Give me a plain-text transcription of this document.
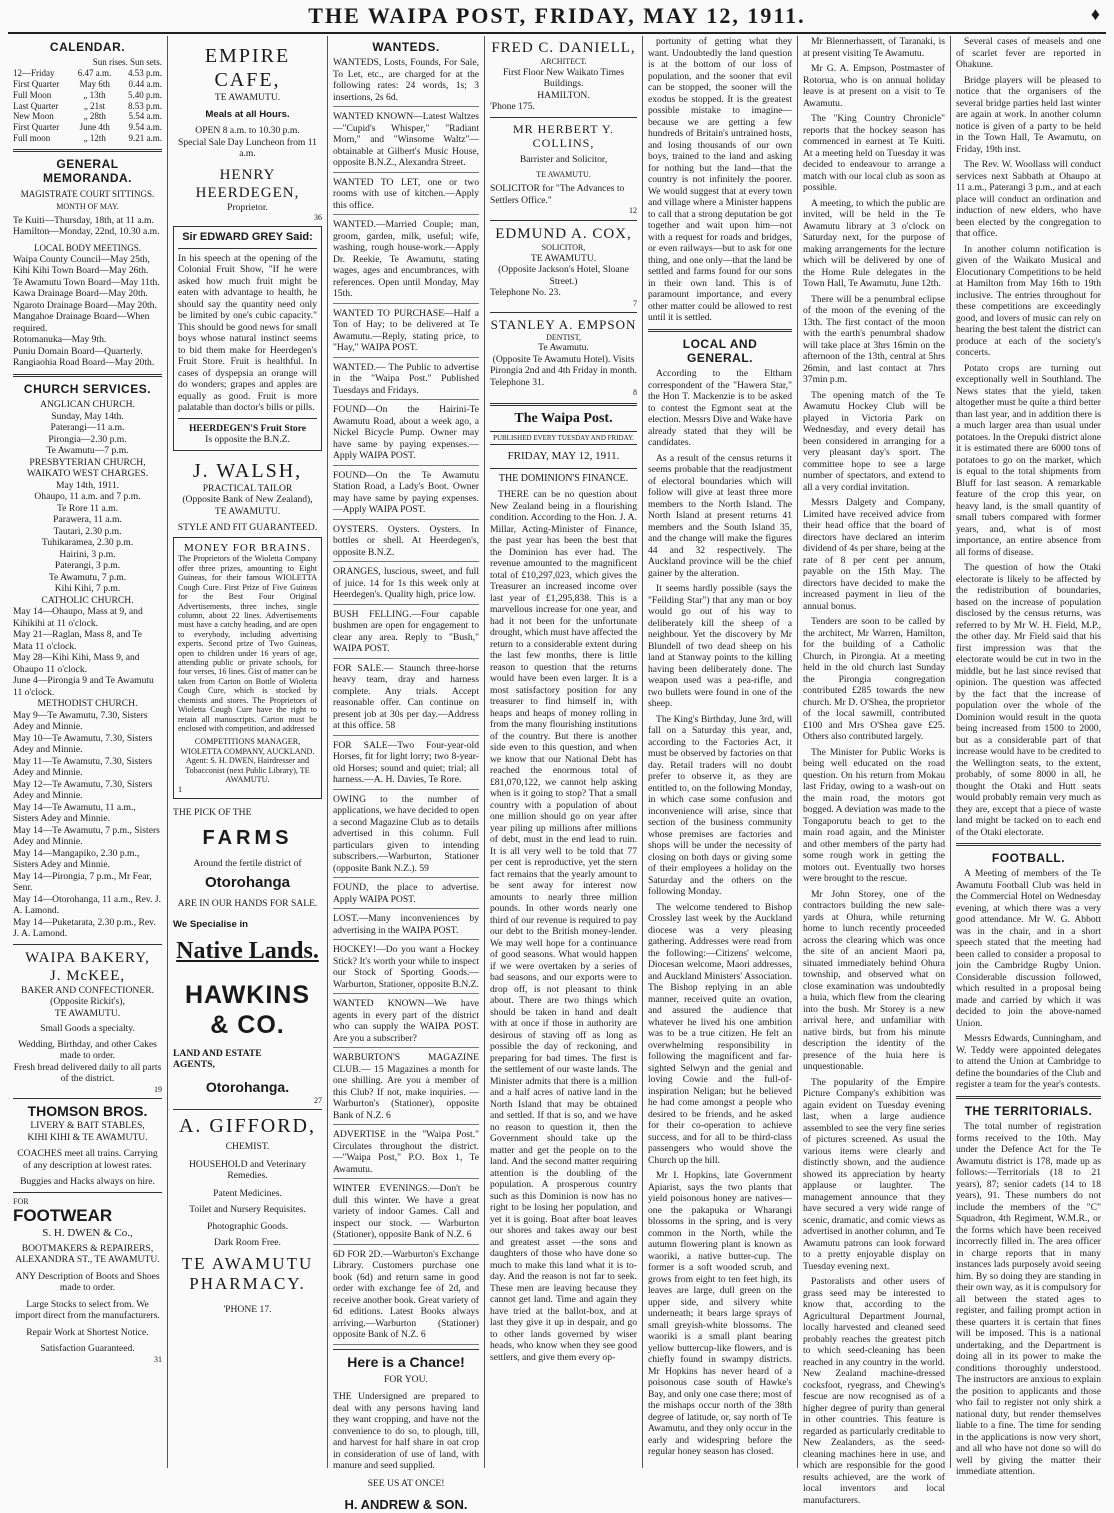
THE WAIPA POST, FRIDAY, MAY 12, 1911.	♦
CALENDAR.
Sun rises. Sun sets.
12—Friday	6.47 a.m. 4.53 p.m.
First Quarter May 6th 0.44 a.m.
Full Moon	„ 13th 5.40 p.m.
Last Quarter	„ 21st	8.53 p.m.
New Moon	„ 28th	5.54 a.m.
First Quarter June 4th 9.54 a.m.
Full moon	„ 12th	9.21 a.m.
GENERAL MEMORANDA.
MAGISTRATE COURT SITTINGS.
MONTH OF MAY.
Te Kuiti—Thursday, 18th, at 11 a.m.
Hamilton—Monday, 22nd, 10.30 a.m.
LOCAL BODY MEETINGS.
Waipa County Council—May 25th,
Kihi Kihi Town Board—May 26th.
Te Awamutu Town Board—May 11th.
Kawa Drainage Board—May 20th.
Ngaroto Drainage Board—May 20th.
Mangahoe Drainage Board—When required.
Rotomanuka—May 9th.
Puniu Domain Board—Quarterly.
Rangiaohia Road Board—May 20th.
CHURCH SERVICES.
ANGLICAN CHURCH.
Sunday, May 14th.
Paterangi—11 a.m.
Pirongia—2.30 p.m.
Te Awamutu—7 p.m.
PRESBYTERIAN CHURCH,
WAIKATO WEST CHARGES.
May 14th, 1911.
Ohaupo, 11 a.m. and 7 p.m.
Te Rore 11 a.m.
Parawera, 11 a.m.
Tautari, 2.30 p.m.
Tuhikaramea, 2.30 p.m.
Hairini, 3 p.m.
Paterangi, 3 p.m.
Te Awamutu, 7 p.m.
Kihi Kihi, 7 p.m.
CATHOLIC CHURCH.
May 14—Ohaupo, Mass at 9, and Kihikihi at 11 o'clock.
May 21—Raglan, Mass 8, and Te Mata 11 o'clock.
May 28—Kihi Kihi, Mass 9, and Ohaupo 11 o'clock.
June 4—Pirongia 9 and Te Awamutu 11 o'clock.
METHODIST CHURCH.
May 9—Te Awamutu, 7.30, Sisters Adey and Minnie.
May 10—Te Awamutu, 7.30, Sisters Adey and Minnie.
May 11—Te Awamutu, 7.30, Sisters Adey and Minnie.
May 12—Te Awamutu, 7.30, Sisters Adey and Minnie.
May 14—Te Awamutu, 11 a.m., Sisters Adey and Minnie.
May 14—Te Awamutu, 7 p.m., Sisters Adey and Minnie.
May 14—Mangapiko, 2.30 p.m., Sisters Adey and Minnie.
May 14—Pirongia, 7 p.m., Mr Fear, Senr.
May 14—Otorohanga, 11 a.m., Rev. J. A. Lamond.
May 14—Puketarata, 2.30 p.m., Rev. J. A. Lamond.
WAIPA BAKERY,
J. McKEE,
BAKER AND CONFECTIONER.
(Opposite Rickit's),
TE AWAMUTU.
Small Goods a specialty.
Wedding, Birthday, and other Cakes made to order.
Fresh bread delivered daily to all parts of the district.
19
THOMSON BROS.
LIVERY & BAIT STABLES,
KIHI KIHI & TE AWAMUTU.
COACHES meet all trains. Carrying of any description at lowest rates.
Buggies and Hacks always on hire.
FOR
FOOTWEAR
S. H. DWEN & Co.,
BOOTMAKERS & REPAIRERS,
ALEXANDRA ST., TE AWAMUTU.
ANY Description of Boots and Shoes made to order.
Large Stocks to select from. We import direct from the manufacturers.
Repair Work at Shortest Notice.
Satisfaction Guaranteed.
31
EMPIRE CAFE,
TE AWAMUTU.
Meals at all Hours.
OPEN 8 a.m. to 10.30 p.m.
Special Sale Day Luncheon from 11 a.m.
HENRY HEERDEGEN,
Proprietor.
36
Sir EDWARD GREY Said:

In his speech at the opening of the Colonial Fruit Show, "If he were asked how much fruit might be eaten with advantage to health, he should say the quantity need only be limited by one's cubic capacity." This should be good news for small boys whose natural instinct seems to bid them make for Heerdegen's Fruit Store. Fruit is healthful. In cases of dyspepsia an orange will do wonders; grapes and apples are equally as good. Fruit is more palatable than doctor's bills or pills.

HEERDEGEN'S Fruit Store
Is opposite the B.N.Z.
J. WALSH,
PRACTICAL TAILOR
(Opposite Bank of New Zealand),
TE AWAMUTU.
STYLE AND FIT GUARANTEED.
MONEY FOR BRAINS.

The Proprietors of the Wioletta Company offer three prizes, amounting to Eight Guineas, for their famous WIOLETTA Cough Cure. First Prize of Five Guineas for the Best Four Original Advertisements, three inches, single column, about 22 lines. Advertisements must have a catchy heading, and are open to everybody, including advertising experts. Second prize of Two Guineas, open to children under 16 years of age, attending public or private schools, for four verses, 16 lines. Gist of matter can be taken from Carton on Bottle of Wioletta Cough Cure, which is stocked by chemists and stores. The Proprietors of Wioletta Cough Cure have the right to retain all manuscripts. Carton must be enclosed with competition, and addressed

COMPETITIONS MANAGER,
WIOLETTA COMPANY, AUCKLAND.
Agent: S. H. DWEN, Hairdresser and Tobacconist (next Public Library), TE AWAMUTU.
1
THE PICK OF THE
FARMS
Around the fertile district of
Otorohanga
ARE IN OUR HANDS FOR SALE.
We Specialise in
Native Lands.
HAWKINS & CO.
LAND AND ESTATE AGENTS,
Otorohanga.
27
A. GIFFORD,
CHEMIST.
HOUSEHOLD and Veterinary Remedies.
Patent Medicines.
Toilet and Nursery Requisites.
Photographic Goods.
Dark Room Free.
TE AWAMUTU PHARMACY.
'PHONE 17.
WANTEDS.

WANTEDS, Losts, Founds, For Sale, To Let, etc., are charged for at the following rates: 24 words, 1s; 3 insertions, 2s 6d.

WANTED KNOWN—Latest Waltzes—"Cupid's Whisper," "Radiant Morn," and "Winsome Waltz"—obtainable at Gilbert's Music House, opposite B.N.Z., Alexandra Street.

WANTED TO LET, one or two rooms with use of kitchen.—Apply this office.

WANTED.—Married Couple; man, groom, garden, milk, useful; wife, washing, rough house-work.—Apply Dr. Reekie, Te Awamutu, stating wages, ages and encumbrances, with references. Open until Monday, May 15th.

WANTED TO PURCHASE—Half a Ton of Hay; to be delivered at Te Awamutu.—Reply, stating price, to "Hay," WAIPA POST.

WANTED.— The Public to advertise in the "Waipa Post." Published Tuesdays and Fridays.

FOUND—On the Hairini-Te Awamutu Road, about a week ago, a Nickel Bicycle Pump. Owner may have same by paying expenses.—Apply WAIPA POST.

FOUND—On the Te Awamutu Station Road, a Lady's Boot. Owner may have same by paying expenses.—Apply WAIPA POST.

OYSTERS. Oysters. Oysters. In bottles or shell. At Heerdegen's, opposite B.N.Z.

ORANGES, luscious, sweet, and full of juice. 14 for 1s this week only at Heerdegen's. Quality high, price low.

BUSH FELLING.—Four capable bushmen are open for engagement to clear any area. Reply to "Bush," WAIPA POST.

FOR SALE.— Staunch three-horse heavy team, dray and harness complete. Any trials. Accept reasonable offer. Can continue on present job at 30s per day.—Address at this office. 58

FOR SALE—Two Four-year-old Horses, fit for light lorry; two 8-year-old Horses; sound and quiet; trial; all harness.—A. H. Davies, Te Rore.

OWING to the number of applications, we have decided to open a second Magazine Club as to details advertised in this column. Full particulars given to intending subscribers.—Warburton, Stationer (opposite Bank N.Z.). 59

FOUND, the place to advertise. Apply WAIPA POST.

LOST.—Many inconveniences by advertising in the WAIPA POST.

HOCKEY!—Do you want a Hockey Stick? It's worth your while to inspect our Stock of Sporting Goods.—Warburton, Stationer, opposite B.N.Z.

WANTED KNOWN—We have agents in every part of the district who can supply the WAIPA POST. Are you a subscriber?

WARBURTON'S MAGAZINE CLUB.— 15 Magazines a month for one shilling. Are you a member of this Club? If not, make inquiries. — Warburton's (Stationer), opposite Bank of N.Z. 6

ADVERTISE in the "Waipa Post." Circulates throughout the district.—"Waipa Post," P.O. Box 1, Te Awamutu.

WINTER EVENINGS.—Don't be dull this winter. We have a great variety of indoor Games. Call and inspect our stock. — Warburton (Stationer), opposite Bank of N.Z. 6

6D FOR 2D.—Warburton's Exchange Library. Customers purchase one book (6d) and return same in good order with exchange fee of 2d, and receive another book. Great variety of 6d editions. Latest Books always arriving.—Warburton (Stationer) opposite Bank of N.Z. 6

Here is a Chance!
FOR YOU.

THE Undersigned are prepared to deal with any persons having land they want cropping, and have not the convenience to do so, to plough, till, and harvest for half share in oat crop in consideration of use of land, with manure and seed supplied.

SEE US AT ONCE!
H. ANDREW & SON.
FRED C. DANIELL,
ARCHITECT.
First Floor New Waikato Times Buildings.
HAMILTON.
'Phone 175.
MR HERBERT Y. COLLINS,
Barrister and Solicitor,
TE AWAMUTU.
SOLICITOR for "The Advances to Settlers Office."
12
EDMUND A. COX,
SOLICITOR,
TE AWAMUTU.
(Opposite Jackson's Hotel, Sloane Street.)
Telephone No. 23.
7
STANLEY A. EMPSON
DENTIST,
Te Awamutu.
(Opposite Te Awamutu Hotel). Visits Pirongia 2nd and 4th Friday in month.
Telephone 31.
8
The Waipa Post.
PUBLISHED EVERY TUESDAY AND FRIDAY.
FRIDAY, MAY 12, 1911.
THE DOMINION'S FINANCE.

THERE can be no question about New Zealand being in a flourishing condition. According to the Hon. J. A. Millar, Acting-Minister of Finance, the past year has been the best that the Dominion has ever had. The revenue amounted to the magnificent total of £10,297,023, which gives the Treasurer an increased income over last year of £1,295,838. This is a marvellous increase for one year, and had it not been for the unfortunate drought, which must have affected the return to a considerable extent during the last few months, there is little reason to question that the returns would have been even larger. It is a most satisfactory position for any treasurer to find himself in, with heaps and heaps of money rolling in from the many flourishing institutions of the country. But there is another side even to this question, and when we know that our National Debt has reached the enormous total of £81,070,122, we cannot help asking when is it going to stop? That a small country with a population of about one million should go on year after year piling up millions after millions of debt, must in the end lead to ruin. It is all very well to be told that 77 per cent is reproductive, yet the stern fact remains that the yearly amount to be sent away for interest now amounts to nearly three million pounds. In other words nearly one third of our revenue is required to pay our debt to the British money-lender. We may well hope for a continuance of good seasons. What would happen if we were overtaken by a series of bad seasons, and our exports were to drop off, is not pleasant to think about. There are two things which should be taken in hand and dealt with at once if those in authority are desirous of staving off as long as possible the day of reckoning, and preparing for bad times. The first is the settlement of our waste lands. The Minister admits that there is a million and a half acres of native land in the North Island that may be obtained and settled. If that is so, and we have no reason to question it, then the Government should take up the matter and get the people on to the land. And the second matter requiring attention is the doubling of the population. A prosperous country such as this Dominion is now has no right to be losing her population, and yet it is going. Boat after boat leaves our shores and takes away our best and greatest asset —the sons and daughters of those who have done so much to make this land what it is to-day. And the reason is not far to seek. These men are leaving because they cannot get land. Time and again they have tried at the ballot-box, and at last they give it up in despair, and go to other lands governed by wiser heads, who know when they see good settlers, and give them every op-

portunity of getting what they want. Undoubtedly the land question is at the bottom of our loss of population, and the sooner that evil can be stopped, the sooner will the exodus be stopped. It is the greatest possible mistake to imagine—because we are getting a few hundreds of Britain's untrained hosts, and losing thousands of our own boys, trained to the land and asking for nothing but the land—that the country is not infinitely the poorer. We would suggest that at every town and village where a Minister happens to call that a strong deputation be got together and wait upon him—not with a request for roads and bridges, or even railways—but to ask for one thing, and one only—that the land be settled and farms found for our sons in their own land. This is of paramount importance, and every other matter could be allowed to rest until it is settled.

LOCAL AND GENERAL.

According to the Eltham correspondent of the "Hawera Star," the Hon T. Mackenzie is to be asked to contest the Egmont seat at the election. Messrs Dive and Wake have already stated that they will be candidates.

As a result of the census returns it seems probable that the readjustment of electoral boundaries which will follow will give at least three more members to the North Island. The North Island at present returns 41 members and the South Island 35, and the change will make the figures 44 and 32 respectively. The Auckland province will be the chief gainer by the alteration.

It seems hardly possible (says the "Feilding Star") that any man or boy would go out of his way to deliberately kill the sheep of a neighbour. Yet the discovery by Mr Blundell of two dead sheep on his land at Stanway points to the killing having been deliberately done. The weapon used was a pea-rifle, and two bullets were found in one of the sheep.

The King's Birthday, June 3rd, will fall on a Saturday this year, and, according to the Factories Act, it must be observed by factories on that day. Retail traders will no doubt prefer to observe it, as they are entitled to, on the following Monday, in which case some confusion and inconvenience will arise, since that section of the business community whose premises are factories and shops will be under the necessity of closing on both days or giving some of their employees a holiday on the Saturday and the others on the following Monday.

The welcome tendered to Bishop Crossley last week by the Auckland diocese was a very pleasing gathering. Addresses were read from the following:—Citizens' welcome, Diocesan welcome, Maori addresses, and Auckland Ministers' Association. The Bishop replying in an able manner, received quite an ovation, and assured the audience that whatever he lived his one ambition was to be a true citizen. He felt an overwhelming responsibility in following the magnificent and far-sighted Selwyn and the genial and loving Cowie and the full-of-inspiration Neligan; but he believed he had come amongst a people who desired to be friends, and he asked for their co-operation to achieve success, and for all to be third-class passengers who would shove the Church up the hill.

Mr I. Hopkins, late Government Apiarist, says the two plants that yield poisonous honey are natives—one the pakapuka or Wharangi blossoms in the spring, and is very common in the North, while the autumn flowering plant is known as waoriki, a native butter-cup. The former is a soft wooded scrub, and grows from eight to ten feet high, its leaves are large, dull green on the upper side, and silvery white underneath; it bears large sprays of small greyish-white blossoms. The waoriki is a small plant bearing yellow buttercup-like flowers, and is chiefly found in swampy districts. Mr Hopkins has never heard of a poisonous case south of Hawke's Bay, and only one case there; most of the mishaps occur north of the 38th degree of latitude, or, say north of Te Awamutu, and they only occur in the early and widespring before the regular honey season has closed.

Mr Blennerhassett, of Taranaki, is at present visiting Te Awamutu.

Mr G. A. Empson, Postmaster of Rotorua, who is on annual holiday leave is at present on a visit to Te Awamutu.

The "King Country Chronicle" reports that the hockey season has commenced in earnest at Te Kuiti. At a meeting held on Tuesday it was decided to endeavour to arrange a match with our local club as soon as possible.

A meeting, to which the public are invited, will be held in the Te Awamutu library at 3 o'clock on Saturday next, for the purpose of making arrangements for the lecture which will be delivered by one of the Home Rule delegates in the Town Hall, Te Awamutu, June 12th.

There will be a penumbral eclipse of the moon of the evening of the 13th. The first contact of the moon with the earth's penumbral shadow will take place at 3hrs 16min on the afternoon of the 13th, central at 5hrs 26min, and last contact at 7hrs 37min p.m.

The opening match of the Te Awamutu Hockey Club will be played in Victoria Park on Wednesday, and every detail has been considered in arranging for a very pleasant day's sport. The committee hope to see a large number of spectators, and extend to all a very cordial invitation.

Messrs Dalgety and Company, Limited have received advice from their head office that the board of directors have declared an interim dividend of 4s per share, being at the rate of 8 per cent per annum, payable on the 15th May. The directors have decided to make the increased payment in lieu of the annual bonus.

Tenders are soon to be called by the architect, Mr Warren, Hamilton, for the building of a Catholic Church, in Pirongia. At a meeting held in the old church last Sunday the Pirongia congregation contributed £285 towards the new church. Mr D. O'Shea, the proprietor of the local sawmill, contributed £100 and Mrs O'Shea gave £25. Others also contributed largely.

The Minister for Public Works is being well educated on the road question. On his return from Mokau last Friday, owing to a wash-out on the main road, the motors got bogged. A deviation was made to the Tongaporutu beach to get to the main road again, and the Minister and other members of the party had some rough work in getting the motors out. Eventually two horses were brought to the rescue.

Mr John Storey, one of the contractors building the new sale-yards at Ohura, while returning home to lunch recently proceeded across the clearing which was once the site of an ancient Maori pa, situated immediately behind Ohura township, and observed what on close examination was undoubtedly a huia, which flew from the clearing into the bush. Mr Storey is a new arrival here, and unfamiliar with native birds, but from his minute description the identity of the presence of the huia here is unquestionable.

The popularity of the Empire Picture Company's exhibition was again evident on Tuesday evening last, when a large audience assembled to see the very fine series of pictures screened. As usual the various items were clearly and distinctly shown, and the audience showed its appreciation by hearty applause or laughter. The management announce that they have secured a very wide range of scenic, dramatic, and comic views as advertised in another column, and Te Awamutu patrons can look forward to a pretty enjoyable display on Tuesday evening next.

Pastoralists and other users of grass seed may be interested to know that, according to the Agricultural Department Journal, locally harvested and cleaned seed probably reaches the greatest pitch to which seed-cleaning has been reached in any country in the world. New Zealand machine-dressed cocksfoot, ryegrass, and Chewing's fescue are now recognised as of a higher degree of purity than general in other countries. This feature is regarded as particularly creditable to New Zealanders, as the seed-cleaning machines here in use, and which are responsible for the good results achieved, are the work of local inventors and local manufacturers.

Several cases of measels and one of scarlet fever are reported in Ohakune.

Bridge players will be pleased to notice that the organisers of the several bridge parties held last winter are again at work. In another column notice is given of a party to be held in the Town Hall, Te Awamutu, on Friday, 19th inst.

The Rev. W. Woollass will conduct services next Sabbath at Ohaupo at 11 a.m., Paterangi 3 p.m., and at each place will conduct an ordination and induction of new elders, who have been elected by the congregation to that office.

In another column notification is given of the Waikato Musical and Elocutionary Competitions to be held at Hamilton from May 16th to 19th inclusive. The entries throughout for these competitions are exceedingly good, and lovers of music can rely on hearing the best talent the district can produce at each of the society's concerts.

Potato crops are turning out exceptionally well in Southland. The News states that the yield, taken altogether must be quite a third better than last year, and in addition there is a much larger area than usual under potatoes. In the Orepuki district alone it is estimated there are 6000 tons of potatoes to go on the market, which is equal to the total shipments from Bluff for last season. A remarkable feature of the crop this year, on heavy land, is the small quantity of small tubers compared with former years, and, what is of most importance, an entire absence from all forms of disease.

The question of how the Otaki electorate is likely to be affected by the redistribution of boundaries, based on the increase of population disclosed by the census returns, was referred to by Mr W. H. Field, M.P., the other day. Mr Field said that his first impression was that the electorate would be cut in two in the middle, but he last since revised that opinion. The question was affected by the fact that the increase of population over the whole of the Dominion would result in the quota being increased from 1500 to 2000, but as a considerable part of that increase would have to be credited to the Wellington seats, to the extent, probably, of some 8000 in all, he thought the Otaki and Hutt seats would probably remain very much as they are, except that a piece of waste land might be tacked on to each end of the Otaki electorate.

FOOTBALL.

A Meeting of members of the Te Awamutu Football Club was held in the Commercial Hotel on Wednesday evening, at which there was a very good attendance. Mr W. G. Abbott was in the chair, and in a short speech stated that the meeting had been called to consider a proposal to join the Cambridge Rugby Union. Considerable discussion followed, which resulted in a proposal being made and carried by which it was decided to join the above-named Union.

Messrs Edwards, Cunningham, and W. Teddy were appointed delegates to attend the Union at Cambridge to define the boundaries of the Club and register a team for the year's contests.

THE TERRITORIALS.

The total number of registration forms received to the 10th. May under the Defence Act for the Te Awamutu district is 178, made up as follows:—Territorials (18 to 21 years), 87; senior cadets (14 to 18 years), 91. These numbers do not include the members of the "C" Squadron, 4th Regiment, W.M.R., or the forms which have been received incorrectly filled in. The area officer in charge reports that in many instances lads purposely avoid seeing him. By so doing they are standing in their own way, as it is compulsory for all between the stated ages to register, and failing prompt action in these quarters it is certain that fines will be imposed. This is a national undertaking, and the Department is doing all in its power to make the conditions thoroughly understood. The instructors are anxious to explain the position to applicants and those who fail to register not only shirk a national duty, but render themselves liable to a fine. The time for sending in the applications is now very short, and all who have not done so will do well by giving the matter their immediate attention.
